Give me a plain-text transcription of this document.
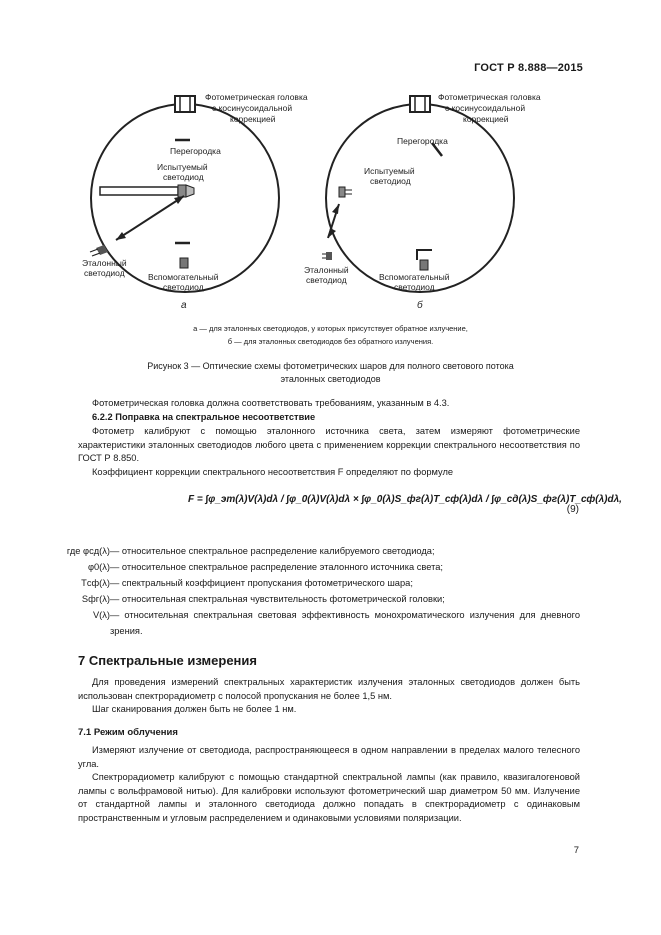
ГОСТ Р 8.888—2015
Фотометрическая головка с косинусоидальной коррекцией
Перегородка
Испытуемый светодиод
Эталонный светодиод	Вспомогательный светодиод
а
Фотометрическая головка с косинусоидальной коррекцией
Перегородка
Испытуемый светодиод
Эталонный светодиод	Вспомогательный светодиод
б
а — для эталонных светодиодов, у которых присутствует обратное излучение,
б — для эталонных светодиодов без обратного излучения.
Рисунок 3 — Оптические схемы фотометрических шаров для полного светового потока
эталонных светодиодов
Фотометрическая головка должна соответствовать требованиям, указанным в 4.3.
6.2.2 Поправка на спектральное несоответствие
Фотометр калибруют с помощью эталонного источника света, затем измеряют фотометрические характеристики эталонных светодиодов любого цвета с применением коррекции спектрального несоответствия по ГОСТ Р 8.850.
Коэффициент коррекции спектрального несоответствия F определяют по формуле
F = ∫φ_эт(λ)V(λ)dλ / ∫φ_0(λ)V(λ)dλ × ∫φ_0(λ)S_фг(λ)T_сф(λ)dλ / ∫φ_сд(λ)S_фг(λ)T_сф(λ)dλ,
(9)
где φсд(λ) — относительное спектральное распределение калибруемого светодиода;
φ0(λ) — относительное спектральное распределение эталонного источника света;
Tсф(λ) — спектральный коэффициент пропускания фотометрического шара;
Sфг(λ) — относительная спектральная чувствительность фотометрической головки;
V(λ) — относительная спектральная световая эффективность монохроматического излучения для дневного зрения.
7 Спектральные измерения
Для проведения измерений спектральных характеристик излучения эталонных светодиодов должен быть использован спектрорадиометр с полосой пропускания не более 1,5 нм.
Шаг сканирования должен быть не более 1 нм.
7.1 Режим облучения
Измеряют излучение от светодиода, распространяющееся в одном направлении в пределах малого телесного угла.
Спектрорадиометр калибруют с помощью стандартной спектральной лампы (как правило, квазигалогеновой лампы с вольфрамовой нитью). Для калибровки используют фотометрический шар диаметром 50 мм. Излучение от стандартной лампы и эталонного светодиода должно попадать в спектрорадиометр с одинаковым пространственным и угловым распределением и одинаковыми условиями поляризации.
7
